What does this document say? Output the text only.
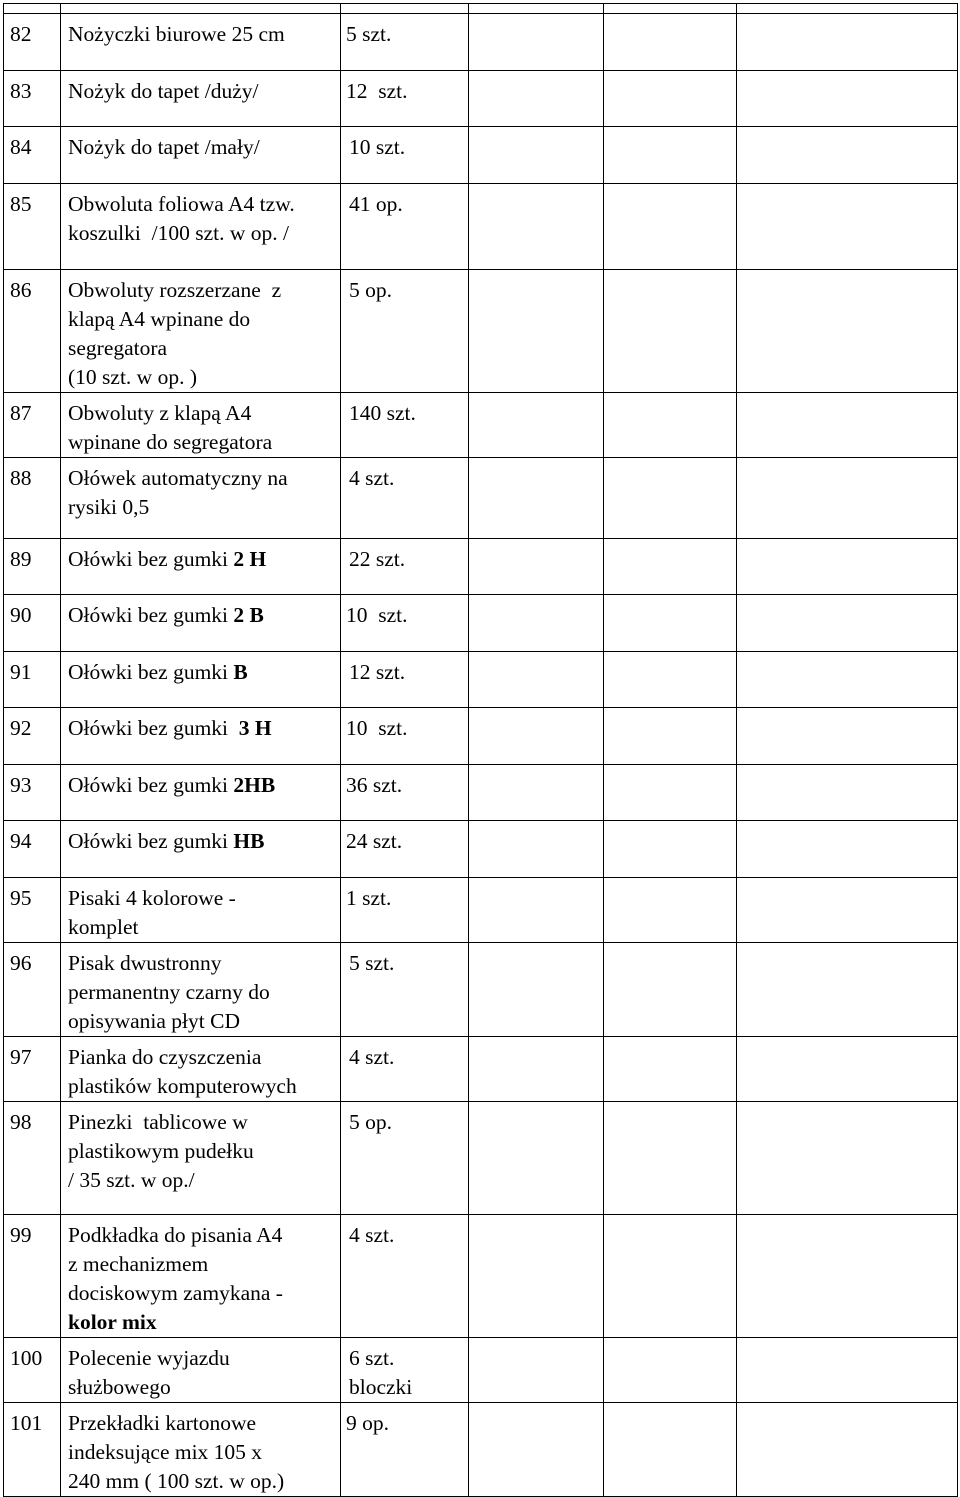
82	Nożyczki biurowe 25 cm	5 szt.			

83	Nożyk do tapet /duży/	12  szt.			

84	Nożyk do tapet /mały/	10 szt.			

85	Obwoluta foliowa A4 tzw.
koszulki  /100 szt. w op. /	41 op.			

86	Obwoluty rozszerzane  z
klapą A4 wpinane do
segregatora
(10 szt. w op. )	5 op.			

87	Obwoluty z klapą A4
wpinane do segregatora	140 szt.			

88	Ołówek automatyczny na
rysiki 0,5	4 szt.			

89	Ołówki bez gumki 2 H	22 szt.			

90	Ołówki bez gumki 2 B	10  szt.			

91	Ołówki bez gumki B	12 szt.			

92	Ołówki bez gumki  3 H	10  szt.			

93	Ołówki bez gumki 2HB	36 szt.			

94	Ołówki bez gumki HB	24 szt.			

95	Pisaki 4 kolorowe -
komplet	1 szt.			

96	Pisak dwustronny
permanentny czarny do
opisywania płyt CD	5 szt.			

97	Pianka do czyszczenia
plastików komputerowych	4 szt.			

98	Pinezki  tablicowe w
plastikowym pudełku
/ 35 szt. w op./	5 op.			

99	Podkładka do pisania A4
z mechanizmem
dociskowym zamykana -
kolor mix	4 szt.			

100	Polecenie wyjazdu
służbowego	6 szt.
bloczki			

101	Przekładki kartonowe
indeksujące mix 105 x
240 mm ( 100 szt. w op.)	9 op.			
